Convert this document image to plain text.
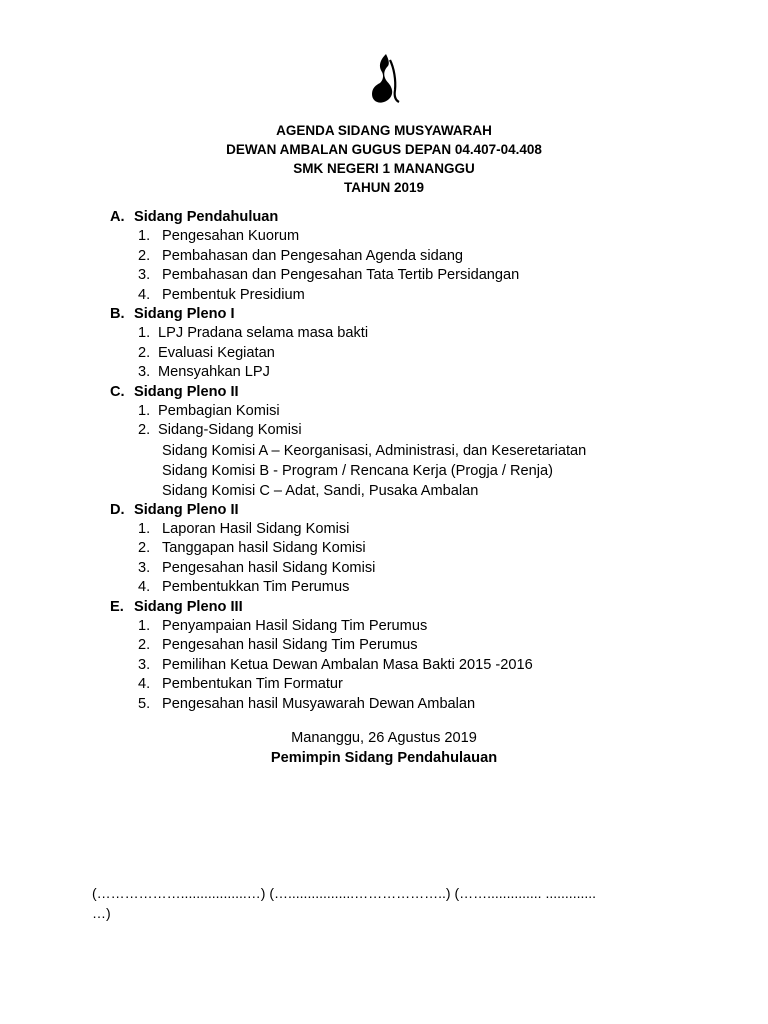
AGENDA SIDANG MUSYAWARAH
DEWAN AMBALAN GUGUS DEPAN 04.407-04.408
SMK NEGERI 1 MANANGGU
TAHUN 2019
A. Sidang Pendahuluan
1. Pengesahan Kuorum
2. Pembahasan dan Pengesahan Agenda sidang
3. Pembahasan dan Pengesahan Tata Tertib Persidangan
4. Pembentuk Presidium
B. Sidang Pleno I
1. LPJ Pradana selama masa bakti
2. Evaluasi Kegiatan
3. Mensyahkan LPJ
C. Sidang Pleno II
1. Pembagian Komisi
2. Sidang-Sidang Komisi
Sidang Komisi A – Keorganisasi, Administrasi, dan Keseretariatan
Sidang Komisi B - Program / Rencana Kerja (Progja / Renja)
Sidang Komisi C – Adat, Sandi, Pusaka Ambalan
D. Sidang Pleno II
1. Laporan Hasil Sidang Komisi
2. Tanggapan hasil Sidang Komisi
3. Pengesahan hasil Sidang Komisi
4. Pembentukkan Tim Perumus
E. Sidang Pleno III
1. Penyampaian Hasil Sidang Tim Perumus
2. Pengesahan hasil Sidang Tim Perumus
3. Pemilihan Ketua Dewan Ambalan Masa Bakti 2015 -2016
4. Pembentukan Tim Formatur
5. Pengesahan hasil Musyawarah Dewan Ambalan
Mananggu, 26 Agustus 2019
Pemimpin Sidang Pendahulauan
(……………….................…) (….................………………..) (…….............. .............
…)
